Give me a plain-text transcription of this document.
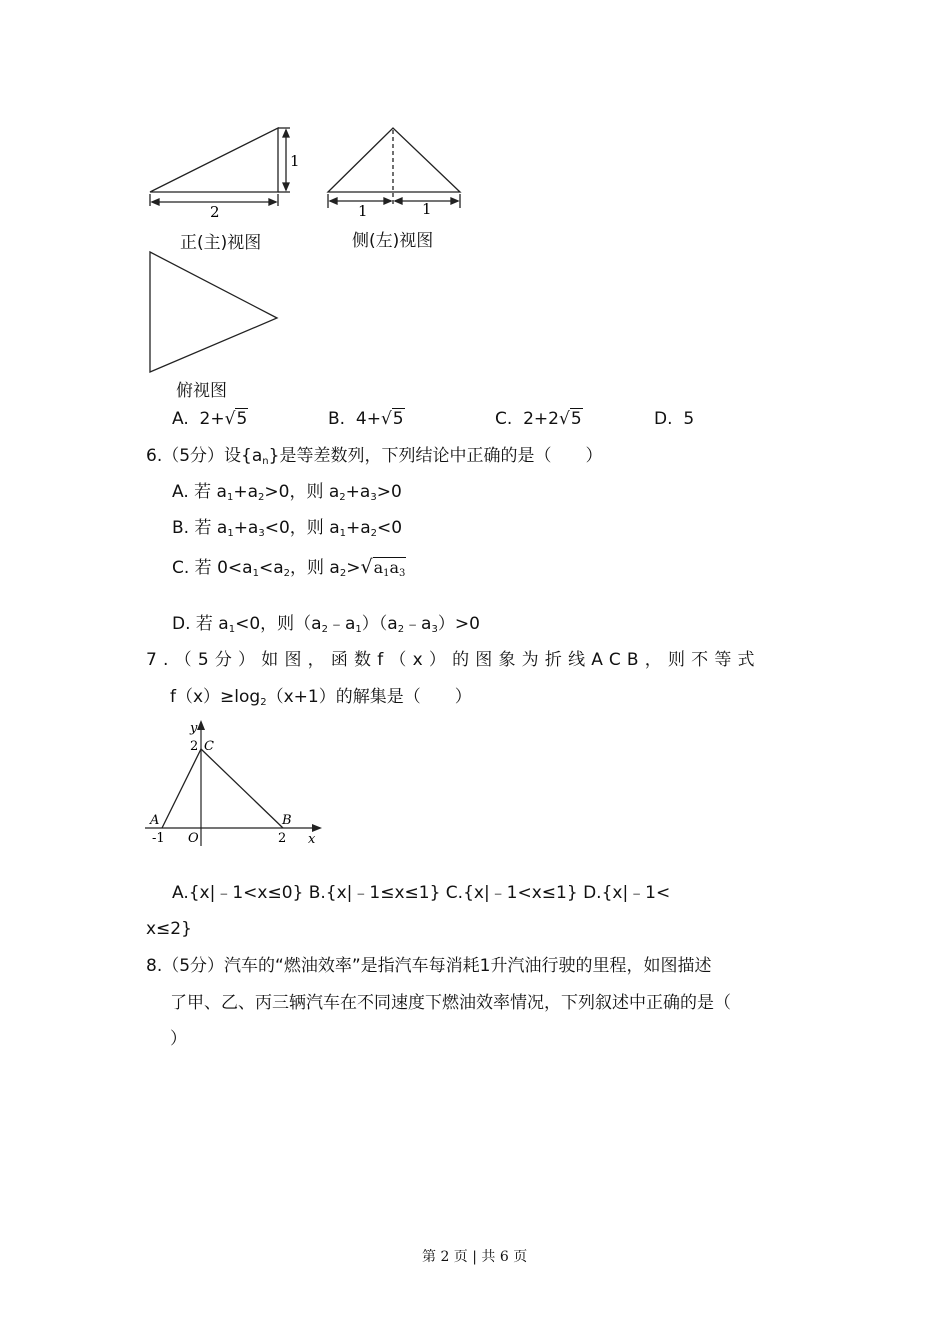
1
2	1	1
正(主)视图	侧(左)视图
俯视图
A. 2+√5	B. 4+√5	C. 2+2√5	D. 5
6.（5分）设$\{a_n\}$是等差数列，下列结论中正确的是（　　）
A. 若 $a_1+a_2>0$，则 $a_2+a_3>0$
B. 若 $a_1+a_3<0$，则 $a_1+a_2<0$
C. 若 $0<a_1<a_2$，则 $a_2>√a_1a_3$
D. 若 $a_1<0$，则$(a_2﹣a_1)(a_2﹣a_3)>0$
7.（5分）如图，函数f（x）的图象为折线ACB，则不等式
$f(x)\ge\log_2(x+1)$的解集是（　　）
y
2 C
A	B
-1 O	2 x
A.{x|﹣1<x≤0} B.{x|﹣1≤x≤1} C.{x|﹣1<x≤1} D.{x|﹣1<
x≤2}
8.（5分）汽车的“燃油效率”是指汽车每消耗1升汽油行驶的里程，如图描述
了甲、乙、丙三辆汽车在不同速度下燃油效率情况，下列叙述中正确的是（
）
第 2 页 | 共 6 页
